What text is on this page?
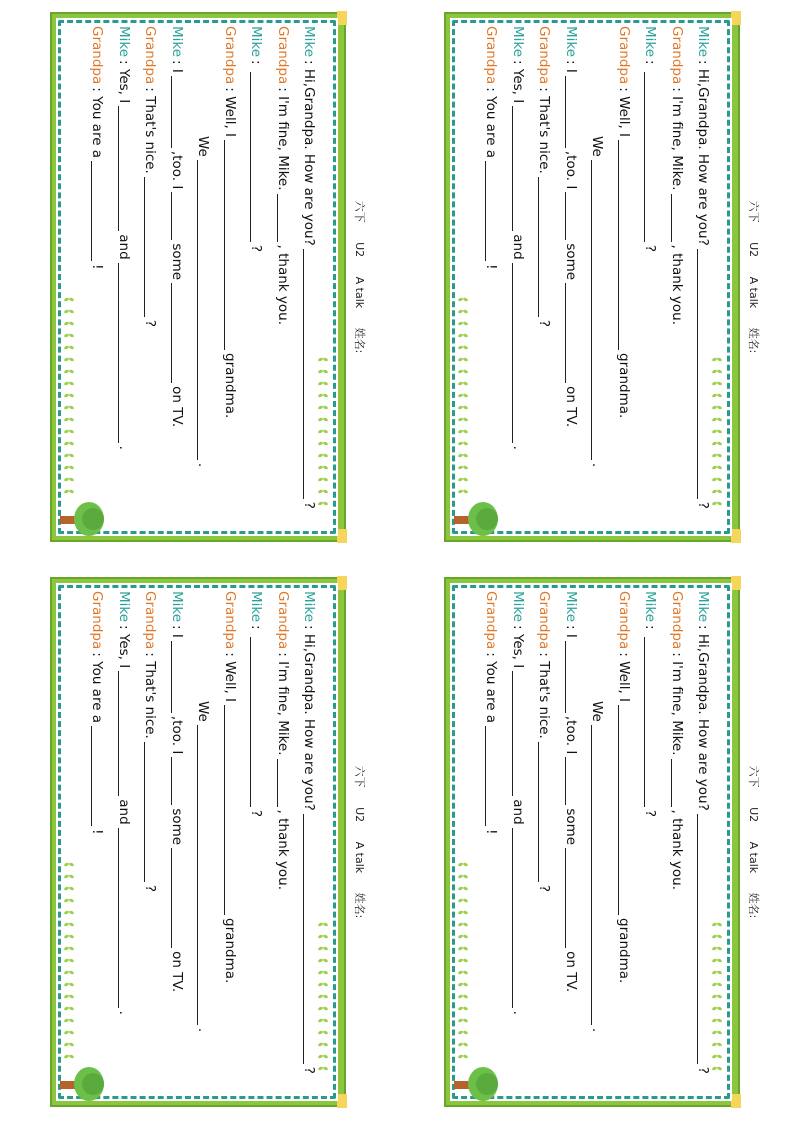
六下 U2 A talk 姓名:
Mike
:
Hi,Grandpa. How are you?
?
Grandpa
:
I'm fine, Mike.
, thank you.
Mike
:
?
Grandpa
:
Well, I
grandma.
We
.
Mike
:
I
,too. I
some
on TV.
Grandpa
:
That's nice.
?
Mike
:
Yes, I
and
.
Grandpa
:
You are a
!
六下 U2 A talk 姓名:
Mike
:
Hi,Grandpa. How are you?
?
Grandpa
:
I'm fine, Mike.
, thank you.
Mike
:
?
Grandpa
:
Well, I
grandma.
We
.
Mike
:
I
,too. I
some
on TV.
Grandpa
:
That's nice.
?
Mike
:
Yes, I
and
.
Grandpa
:
You are a
!
六下 U2 A talk 姓名:
Mike
:
Hi,Grandpa. How are you?
?
Grandpa
:
I'm fine, Mike.
, thank you.
Mike
:
?
Grandpa
:
Well, I
grandma.
We
.
Mike
:
I
,too. I
some
on TV.
Grandpa
:
That's nice.
?
Mike
:
Yes, I
and
.
Grandpa
:
You are a
!
六下 U2 A talk 姓名:
Mike
:
Hi,Grandpa. How are you?
?
Grandpa
:
I'm fine, Mike.
, thank you.
Mike
:
?
Grandpa
:
Well, I
grandma.
We
.
Mike
:
I
,too. I
some
on TV.
Grandpa
:
That's nice.
?
Mike
:
Yes, I
and
.
Grandpa
:
You are a
!
